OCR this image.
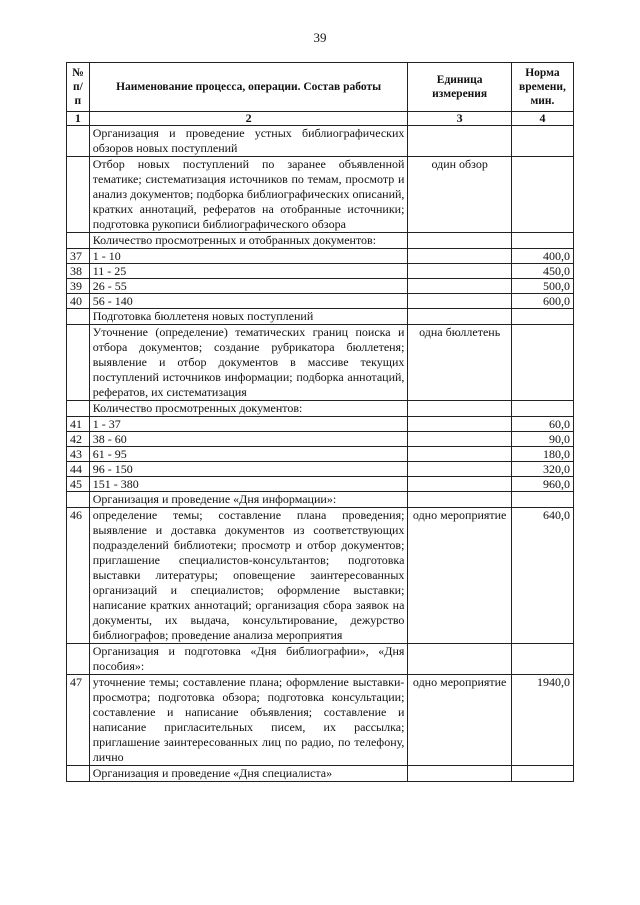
39
№ п/п	Наименование процесса, операции. Состав работы	Единица измерения	Норма времени, мин.
1	2	3	4
	Организация и проведение устных библиографических обзоров новых поступлений		
	Отбор новых поступлений по заранее объявленной тематике; систематизация источников по темам, просмотр и анализ документов; подборка библиографических описаний, кратких аннотаций, рефератов на отобранные источники; подготовка рукописи библиографического обзора	один обзор	
	Количество просмотренных и отобранных документов:		
37	1 - 10		400,0
38	11 - 25		450,0
39	26 - 55		500,0
40	56 - 140		600,0
	Подготовка бюллетеня новых поступлений		
	Уточнение (определение) тематических границ поиска и отбора документов; создание рубрикатора бюллетеня; выявление и отбор документов в массиве текущих поступлений источников информации; подборка аннотаций, рефератов, их систематизация	одна бюллетень	
	Количество просмотренных документов:		
41	1 - 37		60,0
42	38 - 60		90,0
43	61 - 95		180,0
44	96 - 150		320,0
45	151 - 380		960,0
	Организация и проведение «Дня информации»:		
46	определение темы; составление плана проведения; выявление и доставка документов из соответствующих подразделений библиотеки; просмотр и отбор документов; приглашение специалистов-консультантов; подготовка выставки литературы; оповещение заинтересованных организаций и специалистов; оформление выставки; написание кратких аннотаций; организация сбора заявок на документы, их выдача, консультирование, дежурство библиографов; проведение анализа мероприятия	одно мероприятие	640,0
	Организация и подготовка «Дня библиографии», «Дня пособия»:		
47	уточнение темы; составление плана; оформление выставки-просмотра; подготовка обзора; подготовка консультации; составление и написание объявления; составление и написание пригласительных писем, их рассылка; приглашение заинтересованных лиц по радио, по телефону, лично	одно мероприятие	1940,0
	Организация и проведение «Дня специалиста»		
